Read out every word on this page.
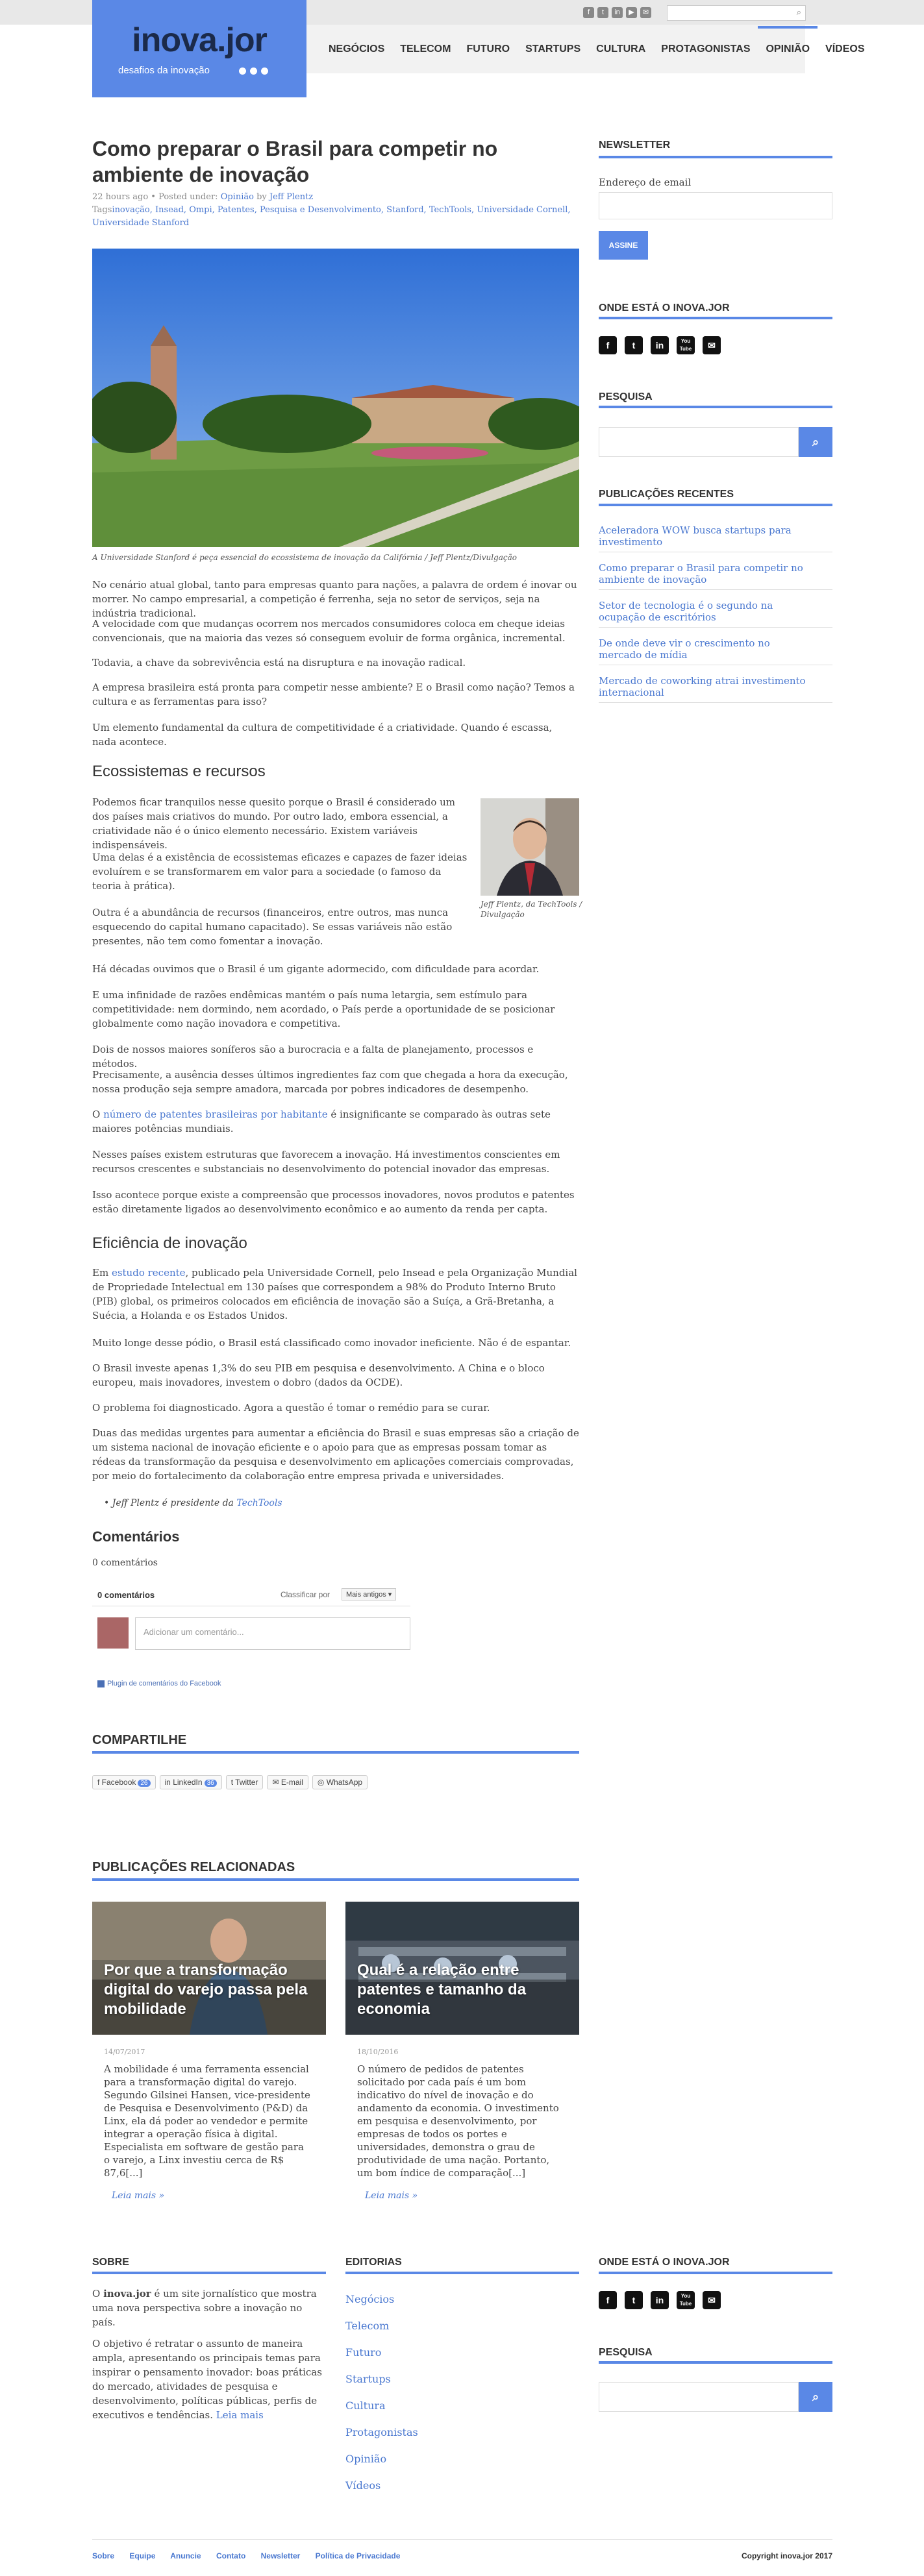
f	t	in	▶	✉	⌕
inova.jor
desafios da inovação
NEGÓCIOS	TELECOM	FUTURO	STARTUPS	CULTURA	PROTAGONISTAS	OPINIÃO	VÍDEOS
Como preparar o Brasil para competir no ambiente de inovação
22 hours ago • Posted under: Opinião by Jeff Plentz
Tagsinovação, Insead, Ompi, Patentes, Pesquisa e Desenvolvimento, Stanford, TechTools, Universidade Cornell, Universidade Stanford
A Universidade Stanford é peça essencial do ecossistema de inovação da Califórnia / Jeff Plentz/Divulgação

No cenário atual global, tanto para empresas quanto para nações, a palavra de ordem é inovar ou morrer. No campo empresarial, a competição é ferrenha, seja no setor de serviços, seja na indústria tradicional.

A velocidade com que mudanças ocorrem nos mercados consumidores coloca em cheque ideias convencionais, que na maioria das vezes só conseguem evoluir de forma orgânica, incremental.

Todavia, a chave da sobrevivência está na disruptura e na inovação radical.

A empresa brasileira está pronta para competir nesse ambiente? E o Brasil como nação? Temos a cultura e as ferramentas para isso?

Um elemento fundamental da cultura de competitividade é a criatividade. Quando é escassa, nada acontece.

Ecossistemas e recursos

Podemos ficar tranquilos nesse quesito porque o Brasil é considerado um dos países mais criativos do mundo. Por outro lado, embora essencial, a criatividade não é o único elemento necessário. Existem variáveis indispensáveis.

Uma delas é a existência de ecossistemas eficazes e capazes de fazer ideias evoluírem e se transformarem em valor para a sociedade (o famoso da teoria à prática).

Outra é a abundância de recursos (financeiros, entre outros, mas nunca esquecendo do capital humano capacitado). Se essas variáveis não estão presentes, não tem como fomentar a inovação.

Há décadas ouvimos que o Brasil é um gigante adormecido, com dificuldade para acordar.

E uma infinidade de razões endêmicas mantém o país numa letargia, sem estímulo para competitividade: nem dormindo, nem acordado, o País perde a oportunidade de se posicionar globalmente como nação inovadora e competitiva.

Dois de nossos maiores soníferos são a burocracia e a falta de planejamento, processos e métodos.

Precisamente, a ausência desses últimos ingredientes faz com que chegada a hora da execução, nossa produção seja sempre amadora, marcada por pobres indicadores de desempenho.

O número de patentes brasileiras por habitante é insignificante se comparado às outras sete maiores potências mundiais.

Nesses países existem estruturas que favorecem a inovação. Há investimentos conscientes em recursos crescentes e substanciais no desenvolvimento do potencial inovador das empresas.

Isso acontece porque existe a compreensão que processos inovadores, novos produtos e patentes estão diretamente ligados ao desenvolvimento econômico e ao aumento da renda per capta.

Jeff Plentz, da TechTools / Divulgação
Eficiência de inovação

Em estudo recente, publicado pela Universidade Cornell, pelo Insead e pela Organização Mundial de Propriedade Intelectual em 130 países que correspondem a 98% do Produto Interno Bruto (PIB) global, os primeiros colocados em eficiência de inovação são a Suíça, a Grã-Bretanha, a Suécia, a Holanda e os Estados Unidos.

Muito longe desse pódio, o Brasil está classificado como inovador ineficiente. Não é de espantar.

O Brasil investe apenas 1,3% do seu PIB em pesquisa e desenvolvimento. A China e o bloco europeu, mais inovadores, investem o dobro (dados da OCDE).

O problema foi diagnosticado. Agora a questão é tomar o remédio para se curar.

Duas das medidas urgentes para aumentar a eficiência do Brasil e suas empresas são a criação de um sistema nacional de inovação eficiente e o apoio para que as empresas possam tomar as rédeas da transformação da pesquisa e desenvolvimento em aplicações comerciais comprovadas, por meio do fortalecimento da colaboração entre empresa privada e universidades.

• Jeff Plentz é presidente da TechTools

Comentários
0 comentários
0 comentários	Classificar por	Mais antigos ▾
Adicionar um comentário...
Plugin de comentários do Facebook
COMPARTILHE
f Facebook 26	in LinkedIn 36	t Twitter	✉ E-mail	◎ WhatsApp
PUBLICAÇÕES RELACIONADAS
Por que a transformação digital do varejo passa pela mobilidade
14/07/2017
A mobilidade é uma ferramenta essencial para a transformação digital do varejo. Segundo Gilsinei Hansen, vice-presidente de Pesquisa e Desenvolvimento (P&D) da Linx, ela dá poder ao vendedor e permite integrar a operação física à digital. Especialista em software de gestão para o varejo, a Linx investiu cerca de R$ 87,6[...]
Leia mais »
Qual é a relação entre patentes e tamanho da economia
18/10/2016
O número de pedidos de patentes solicitado por cada país é um bom indicativo do nível de inovação e do andamento da economia. O investimento em pesquisa e desenvolvimento, por empresas de todos os portes e universidades, demonstra o grau de produtividade de uma nação. Portanto, um bom índice de comparação[...]
Leia mais »
NEWSLETTER
Endereço de email
ASSINE
ONDE ESTÁ O INOVA.JOR
f	t	in	You Tube	✉
PESQUISA
⌕
PUBLICAÇÕES RECENTES
Aceleradora WOW busca startups para investimento
Como preparar o Brasil para competir no ambiente de inovação
Setor de tecnologia é o segundo na ocupação de escritórios
De onde deve vir o crescimento no mercado de mídia
Mercado de coworking atrai investimento internacional
SOBRE

O inova.jor é um site jornalístico que mostra uma nova perspectiva sobre a inovação no país.

O objetivo é retratar o assunto de maneira ampla, apresentando os principais temas para inspirar o pensamento inovador: boas práticas do mercado, atividades de pesquisa e desenvolvimento, políticas públicas, perfis de executivos e tendências. Leia mais

EDITORIAS
Negócios
Telecom
Futuro
Startups
Cultura
Protagonistas
Opinião
Vídeos
ONDE ESTÁ O INOVA.JOR
f	t	in	You Tube	✉
PESQUISA
⌕
Sobre Equipe Anuncie Contato Newsletter Política de Privacidade	Copyright inova.jor 2017
